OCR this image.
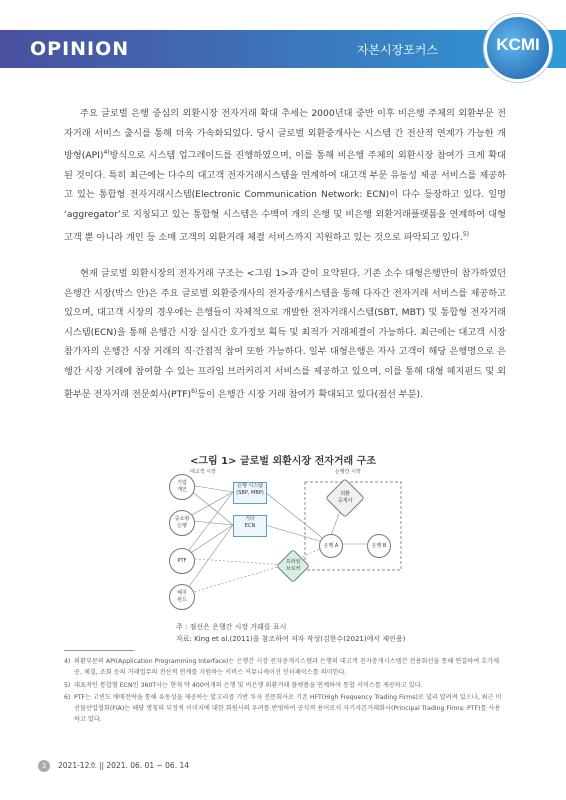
OPINION	자본시장포커스	KCMI

주요 글로벌 은행 중심의 외환시장 전자거래 확대 추세는 2000년대 중반 이후 비은행 주체의 외환부문 전자거래 서비스 출시를 통해 더욱 가속화되었다. 당시 글로벌 외환중개사는 시스템 간 전산적 연계가 가능한 개방형(API)$^{4)}$방식으로 시스템 업그레이드를 진행하였으며, 이를 통해 비은행 주체의 외환시장 참여가 크게 확대된 것이다. 특히 최근에는 다수의 대고객 전자거래시스템을 연계하여 대고객 부문 유동성 제공 서비스를 제공하고 있는 통합형 전자거래시스템(Electronic Communication Network: ECN)이 다수 등장하고 있다. 일명 ‘aggregator’로 지칭되고 있는 통합형 시스템은 수백여 개의 은행 및 비은행 외환거래플랫폼을 연계하여 대형 고객 뿐 아니라 개인 등 소매 고객의 외환거래 체결 서비스까지 지원하고 있는 것으로 파악되고 있다.$^{5)}$

현재 글로벌 외환시장의 전자거래 구조는 <그림 1>과 같이 요약된다. 기존 소수 대형은행만이 참가하였던 은행간 시장(박스 안)은 주요 글로벌 외환중개사의 전자중개시스템을 통해 다자간 전자거래 서비스를 제공하고 있으며, 대고객 시장의 경우에는 은행들이 자체적으로 개발한 전자거래시스템(SBT, MBT) 및 통합형 전자거래시스템(ECN)을 통해 은행간 시장 실시간 호가정보 획득 및 최적가 거래체결이 가능하다. 최근에는 대고객 시장 참가자의 은행간 시장 거래의 직·간접적 참여 또한 가능하다. 일부 대형은행은 자사 고객이 해당 은행명으로 은행간 시장 거래에 참여할 수 있는 프라임 브러커리지 서비스를 제공하고 있으며, 이를 통해 대형 헤지펀드 및 외환부문 전자거래 전문회사(PTF)$^{6)}$등이 은행간 시장 거래 참여가 확대되고 있다(점선 부분).

<그림 1> 글로벌 외환시장 전자거래 구조
대고객 시장	은행간 시장
기업
개인
중소형
은행
PTF
헤지
펀드
은행 시스템
(SBP, MBP)
기타
ECN
외환
중개사
은행 A	은행 B
프라임
브로커
주 : 점선은 은행간 시장 거래를 표시
자료: King et al.(2011)을 참조하여 저자 작성(김한수(2021)에서 재인용)
4) 외환부문의 API(Application Programming Interface)는 은행간 시장 전자중개시스템과 은행의 대고객 전자중개시스템간 전용회선을 통해 연결하여 호가제공, 체결, 조회 등의 거래업무의 전산적 연계를 지원하는 서비스 커뮤니케이션 인터페이스를 의미한다.
5) 대표적인 통합형 ECN인 360T사는 현재 약 400여개의 은행 및 비은행 외환거래 플랫폼을 연계하여 통합 서비스를 제공하고 있다.
6) PTF는 고빈도 매매전략을 통해 유동성을 제공하는 알고리즘 기반 투자 전문회사로 기존 HFT(High Frequency Trading Firms)로 널리 알려져 있으나, 최근 미선물산업협회(FIA)는 해당 명칭의 부정적 이미지에 대한 회원사의 우려를 반영하여 공식적 용어로서 자기자본거래회사(Principal Trading Firms: PTF)를 사용하고 있다.
3 2021-12호 || 2021. 06. 01 ~ 06. 14
